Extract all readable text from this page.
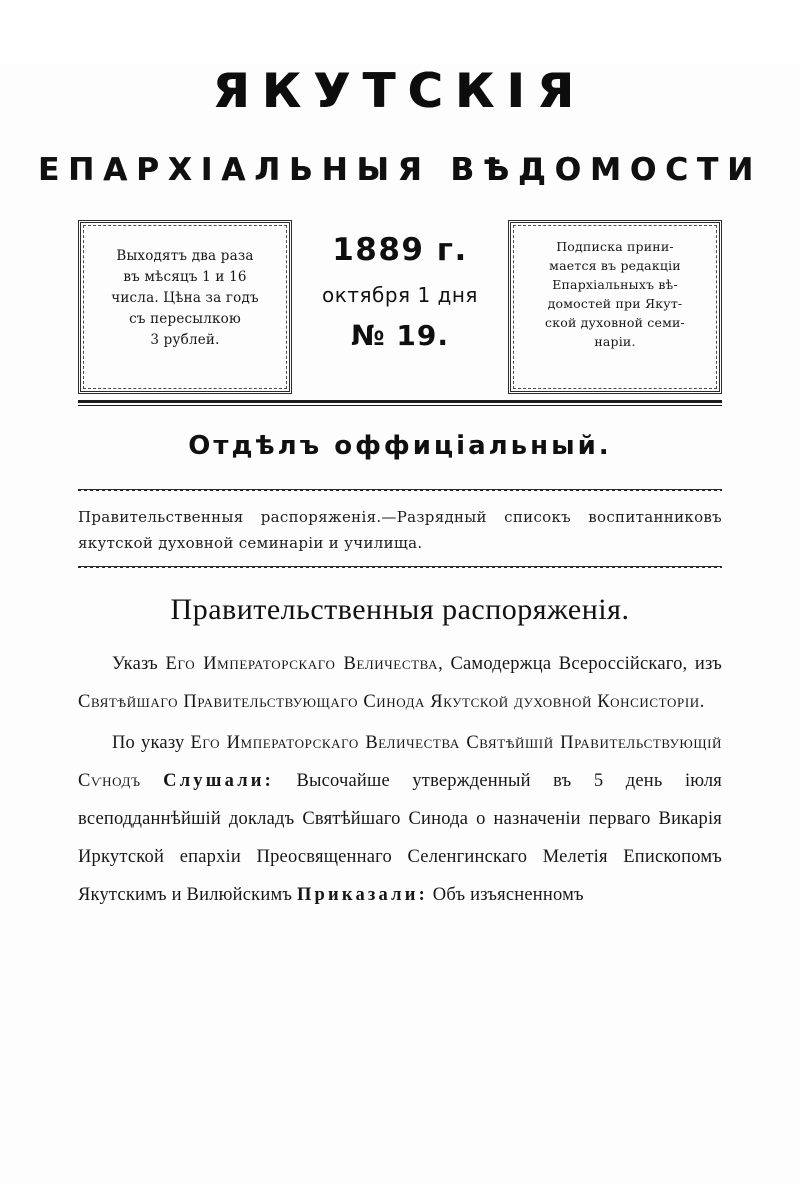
ЯКУТСКIЯ
ЕПАРХIАЛЬНЫЯ ВѢДОМОСТИ
Выходятъ два раза
въ мѣсяцъ 1 и 16
числа. Цѣна за годъ
съ пересылкою
3 рублей.
1889 г.
октября 1 дня
№ 19.
Подписка прини-
мается въ редакціи
Епархіальныхъ вѣ-
домостей при Якут-
ской духовной семи-
наріи.
Отдѣлъ оффиціальный.
Правительственныя распоряженія.—Разрядный списокъ воспитанниковъ якутской духовной семинаріи и училища.
Правительственныя распоряженія.

Указъ Его Императорскаго Величества, Самодержца Всероссійскаго, изъ Святѣйшаго Правительствующаго Синода Якутской духовной Консисторіи.

По указу Его Императорскаго Величества Святѣйшій Правительствующій Сѵнодъ Слушали: Высочайше утвержденный въ 5 день іюля всеподданнѣйшій докладъ Святѣйшаго Синода о назначеніи перваго Викарія Иркутской епархіи Преосвященнаго Селенгинскаго Мелетія Епископомъ Якутскимъ и Вилюйскимъ Приказали: Объ изъясненномъ
